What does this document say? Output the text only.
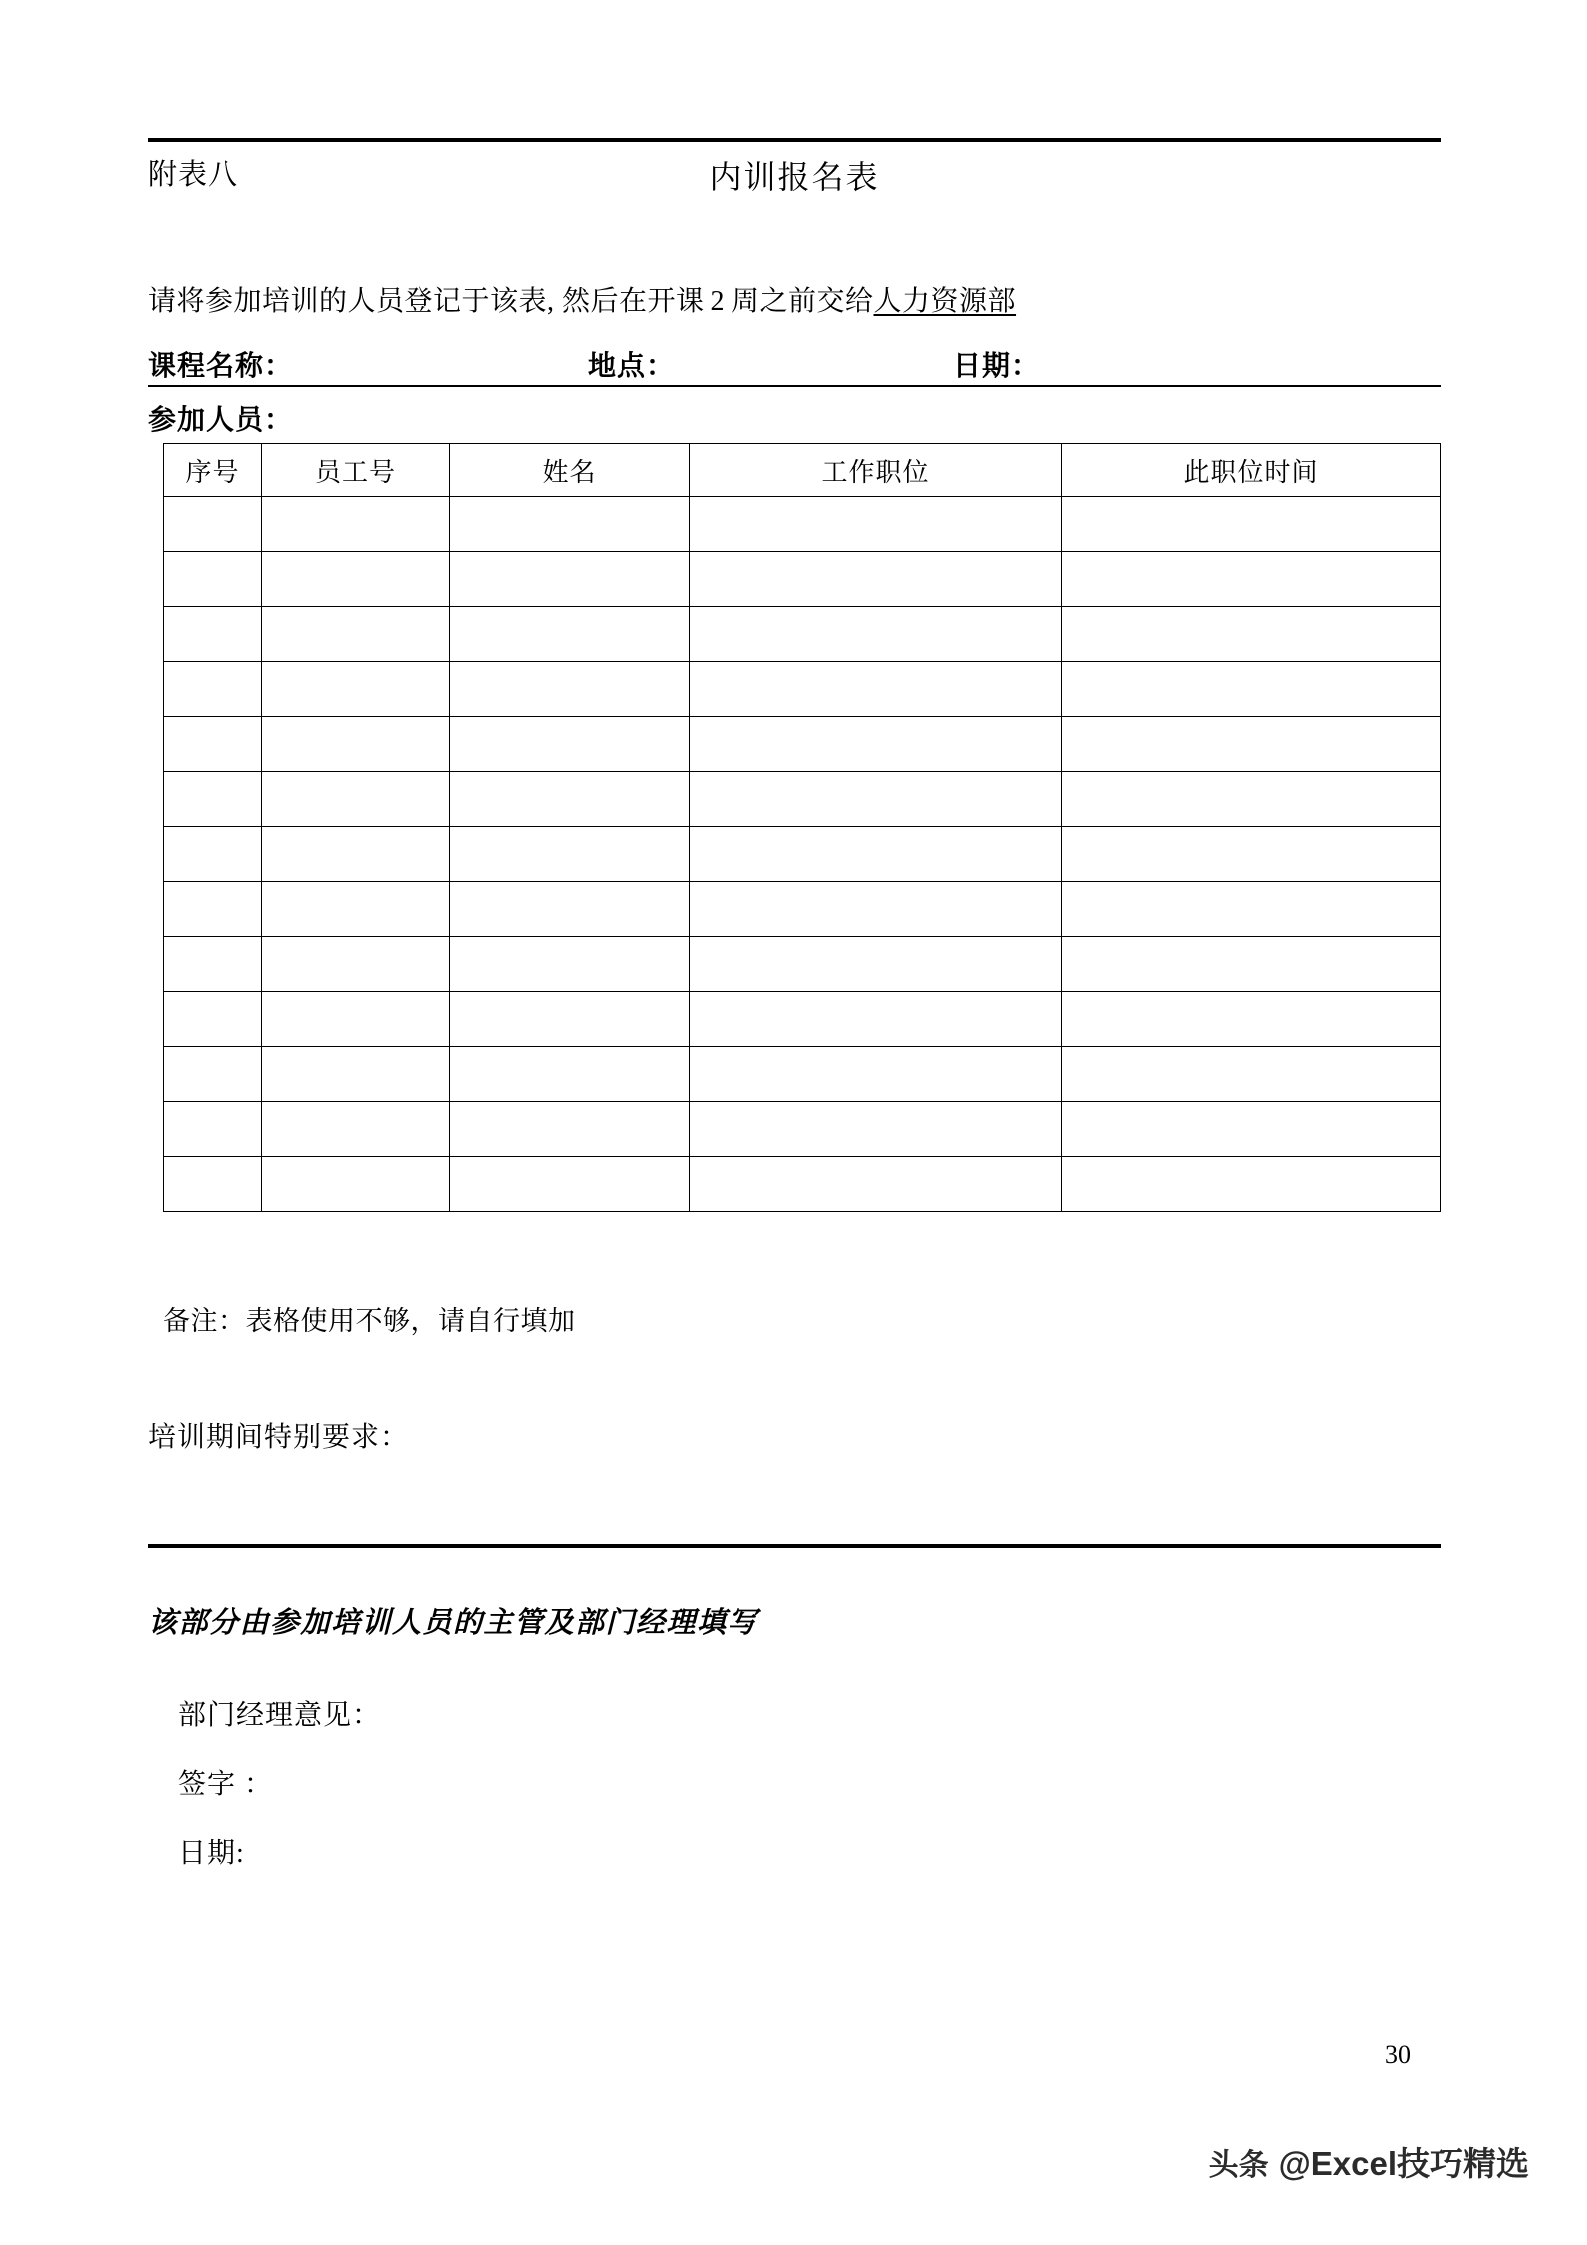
内训报名表
附表八
请将参加培训的人员登记于该表, 然后在开课 2 周之前交给人力资源部
课程名称：	地点：	日期：
参加人员：
序号	员工号	姓名	工作职位	此职位时间

备注：表格使用不够，请自行填加
培训期间特别要求：
该部分由参加培训人员的主管及部门经理填写
部门经理意见：
签字 ：
日期:
30
头条 @Excel技巧精选
